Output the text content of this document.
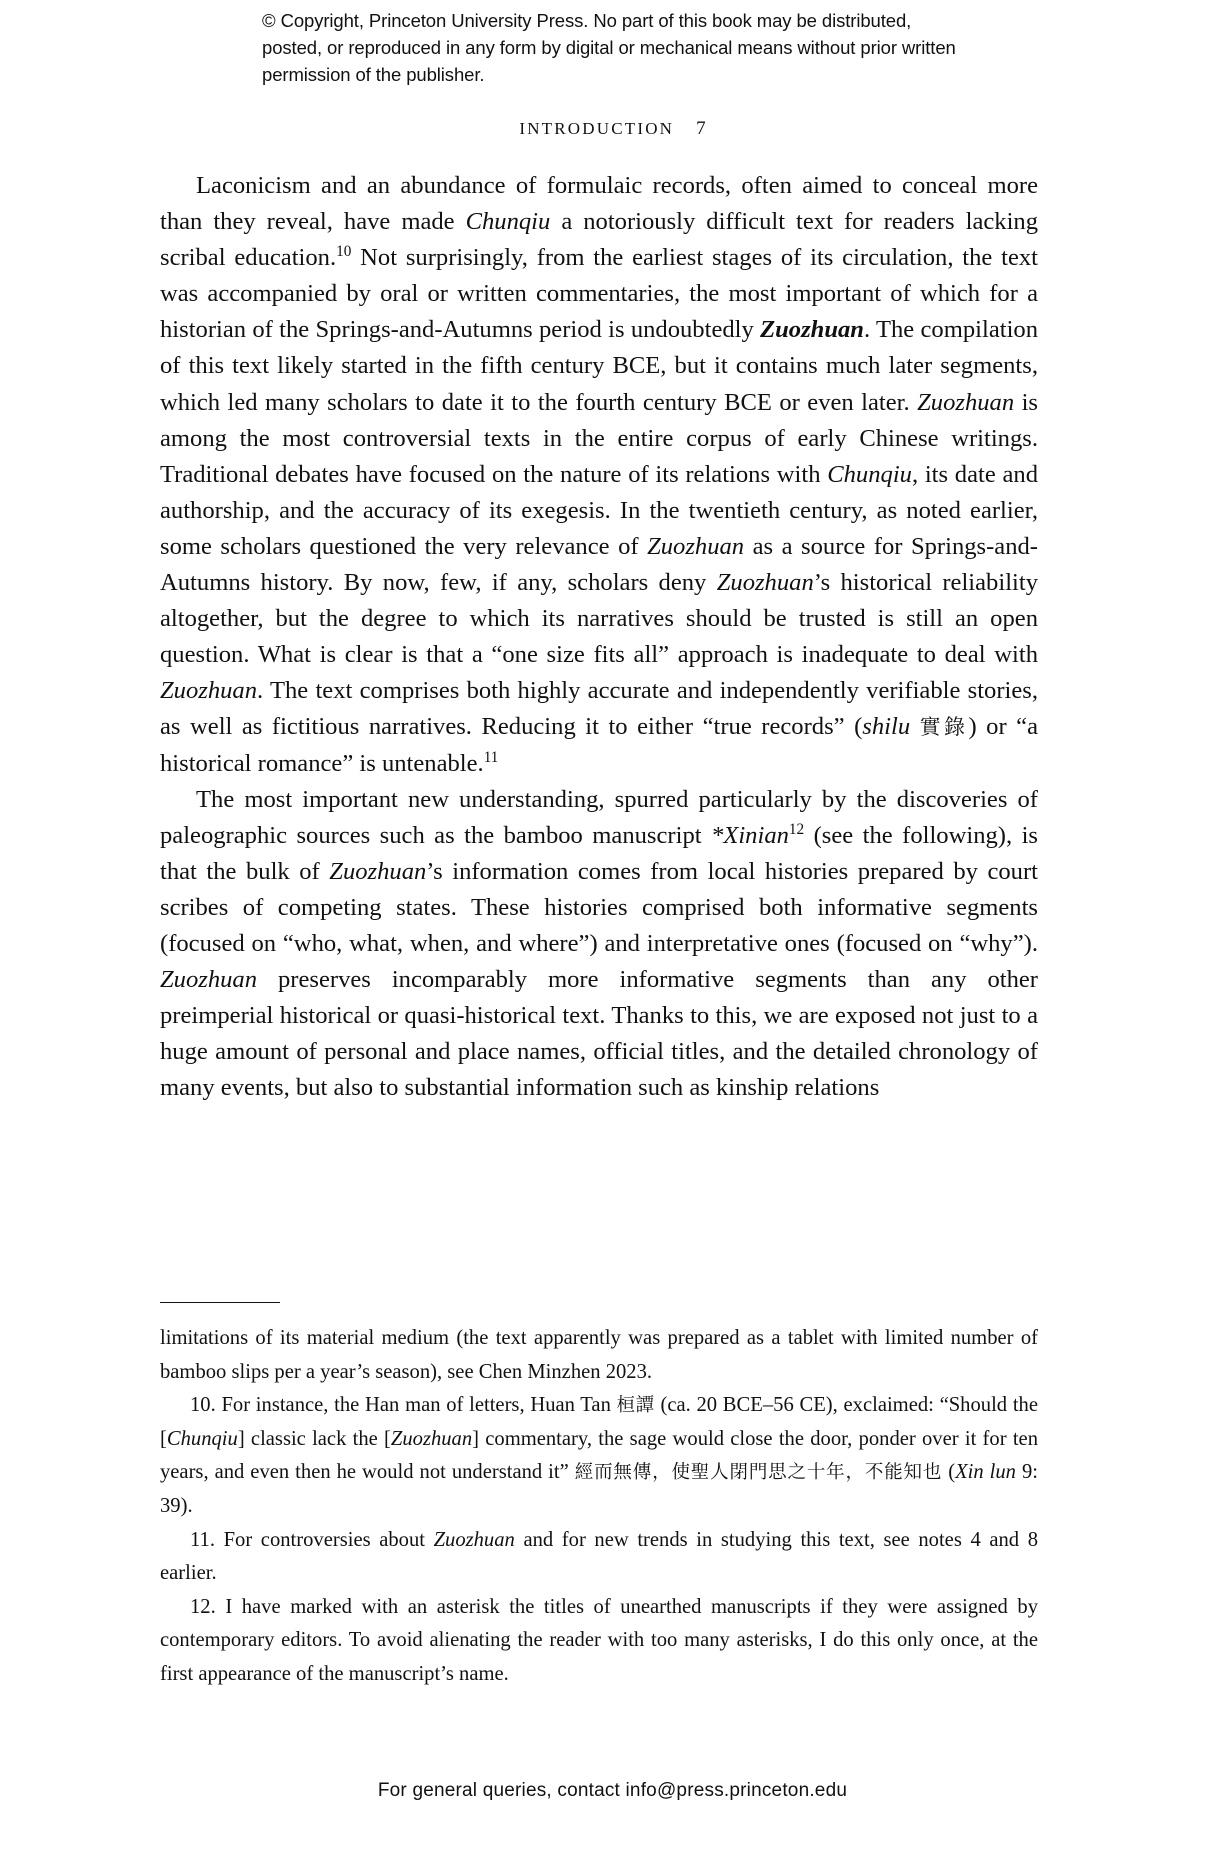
© Copyright, Princeton University Press. No part of this book may be distributed, posted, or reproduced in any form by digital or mechanical means without prior written permission of the publisher.
INTRODUCTION 7

Laconicism and an abundance of formulaic records, often aimed to conceal more than they reveal, have made Chunqiu a notoriously difficult text for readers lacking scribal education.$^{10}$ Not surprisingly, from the earliest stages of its circulation, the text was accompanied by oral or written commentaries, the most important of which for a historian of the Springs-and-Autumns period is undoubtedly Zuozhuan. The compilation of this text likely started in the fifth century BCE, but it contains much later segments, which led many scholars to date it to the fourth century BCE or even later. Zuozhuan is among the most controversial texts in the entire corpus of early Chinese writings. Traditional debates have focused on the nature of its relations with Chunqiu, its date and authorship, and the accuracy of its exegesis. In the twentieth century, as noted earlier, some scholars questioned the very relevance of Zuozhuan as a source for Springs-and-Autumns history. By now, few, if any, scholars deny Zuozhuan’s historical reliability altogether, but the degree to which its narratives should be trusted is still an open question. What is clear is that a “one size fits all” approach is inadequate to deal with Zuozhuan. The text comprises both highly accurate and independently verifiable stories, as well as fictitious narratives. Reducing it to either “true records” (shilu 實錄) or “a historical romance” is untenable.$^{11}$

The most important new understanding, spurred particularly by the discoveries of paleographic sources such as the bamboo manuscript *Xinian$^{12}$ (see the following), is that the bulk of Zuozhuan’s information comes from local histories prepared by court scribes of competing states. These histories comprised both informative segments (focused on “who, what, when, and where”) and interpretative ones (focused on “why”). Zuozhuan preserves incomparably more informative segments than any other preimperial historical or quasi-historical text. Thanks to this, we are exposed not just to a huge amount of personal and place names, official titles, and the detailed chronology of many events, but also to substantial information such as kinship relations

limitations of its material medium (the text apparently was prepared as a tablet with limited number of bamboo slips per a year’s season), see Chen Minzhen 2023.

10. For instance, the Han man of letters, Huan Tan 桓譚 (ca. 20 BCE–56 CE), exclaimed: “Should the [Chunqiu] classic lack the [Zuozhuan] commentary, the sage would close the door, ponder over it for ten years, and even then he would not understand it” 經而無傳，使聖人閉門思之十年，不能知也 (Xin lun 9: 39).

11. For controversies about Zuozhuan and for new trends in studying this text, see notes 4 and 8 earlier.

12. I have marked with an asterisk the titles of unearthed manuscripts if they were assigned by contemporary editors. To avoid alienating the reader with too many asterisks, I do this only once, at the first appearance of the manuscript’s name.

For general queries, contact info@press.princeton.edu
